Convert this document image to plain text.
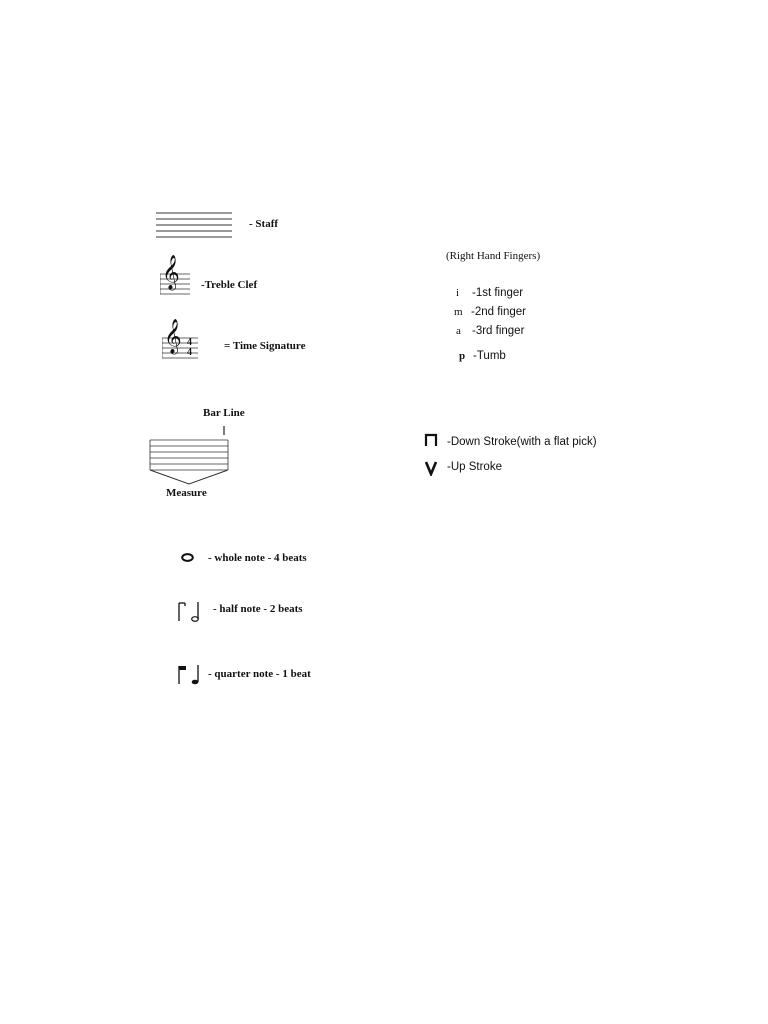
- Staff
𝄞 -Treble Clef
𝄞 4
4
= Time Signature
Bar Line
Measure
- whole note - 4 beats
- half note - 2 beats
- quarter note - 1 beat
(Right Hand Fingers)
i -1st finger
m -2nd finger
a -3rd finger
p -Tumb
-Down Stroke(with a flat pick)
-Up Stroke
